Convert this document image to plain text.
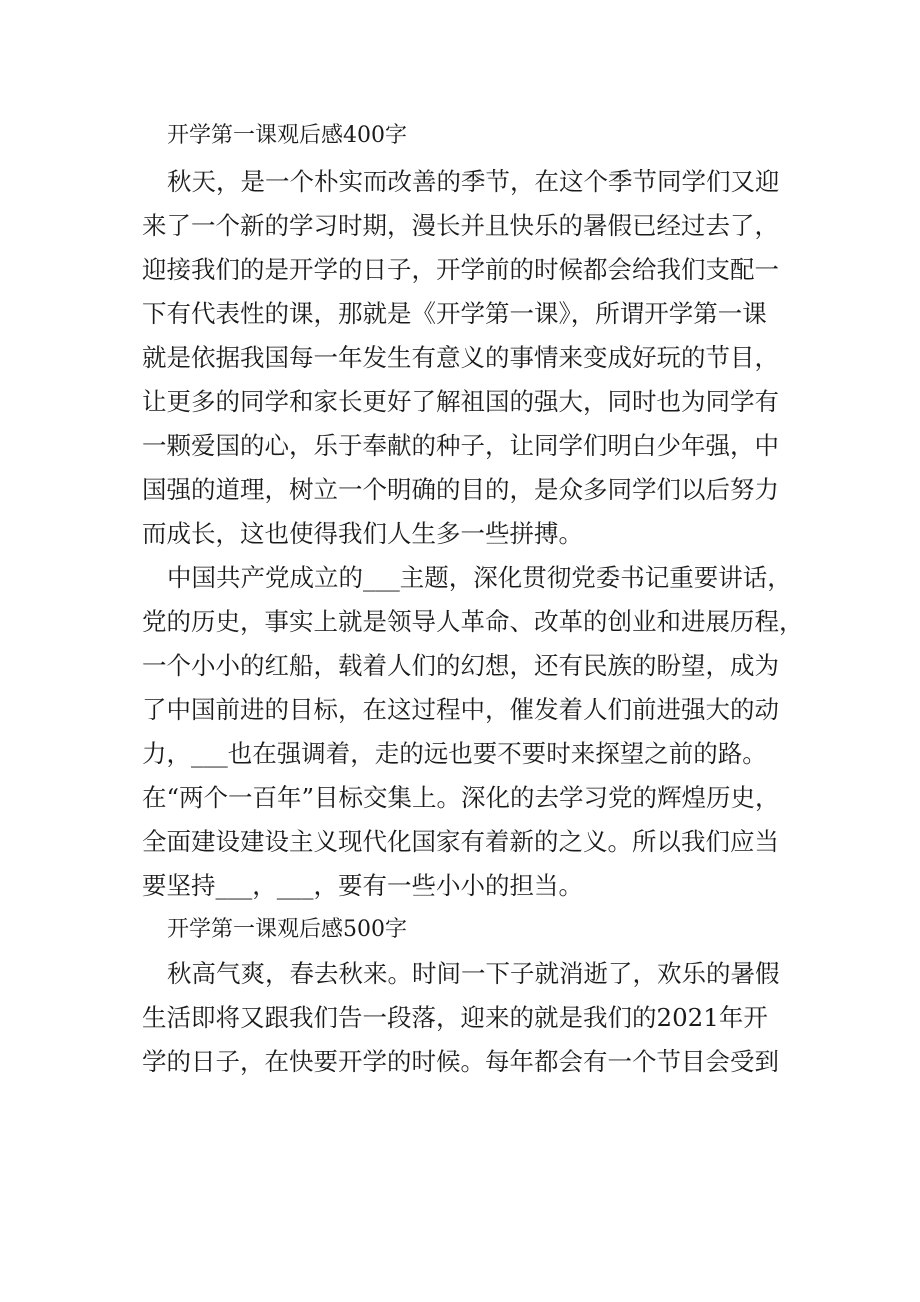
开学第一课观后感400字
秋天，是一个朴实而改善的季节，在这个季节同学们又迎
来了一个新的学习时期，漫长并且快乐的暑假已经过去了，
迎接我们的是开学的日子，开学前的时候都会给我们支配一
下有代表性的课，那就是《开学第一课》，所谓开学第一课
就是依据我国每一年发生有意义的事情来变成好玩的节目，
让更多的同学和家长更好了解祖国的强大，同时也为同学有
一颗爱国的心，乐于奉献的种子，让同学们明白少年强，中
国强的道理，树立一个明确的目的，是众多同学们以后努力
而成长，这也使得我们人生多一些拼搏。
中国共产党成立的___主题，深化贯彻党委书记重要讲话，
党的历史，事实上就是领导人革命、改革的创业和进展历程，
一个小小的红船，载着人们的幻想，还有民族的盼望，成为
了中国前进的目标，在这过程中，催发着人们前进强大的动
力，___也在强调着，走的远也要不要时来探望之前的路。
在“两个一百年”目标交集上。深化的去学习党的辉煌历史，
全面建设建设主义现代化国家有着新的之义。所以我们应当
要坚持___，___，要有一些小小的担当。
开学第一课观后感500字
秋高气爽，春去秋来。时间一下子就消逝了，欢乐的暑假
生活即将又跟我们告一段落，迎来的就是我们的2021年开
学的日子，在快要开学的时候。每年都会有一个节目会受到
